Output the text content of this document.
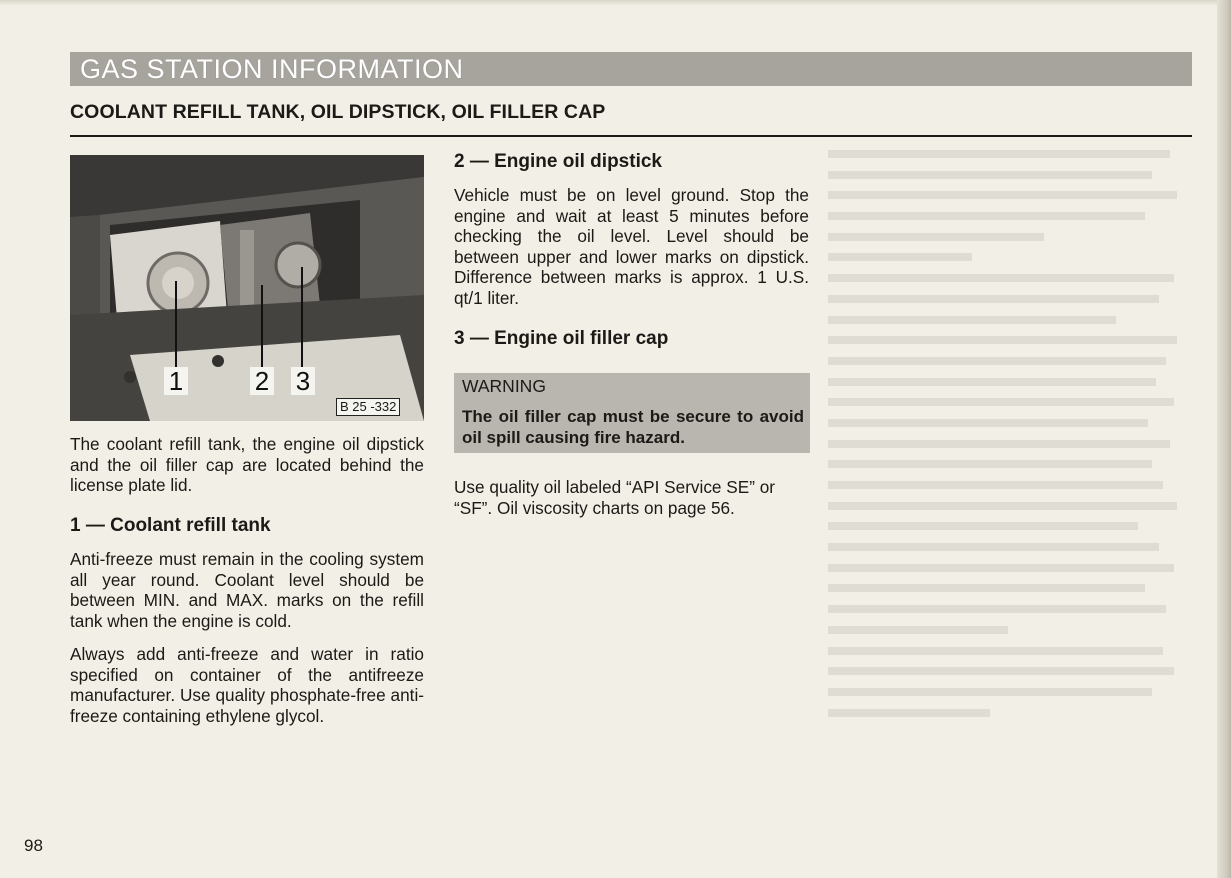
GAS STATION INFORMATION
COOLANT REFILL TANK, OIL DIPSTICK, OIL FILLER CAP
1	2 3
B 25 -332

The coolant refill tank, the engine oil dipstick and the oil filler cap are located behind the license plate lid.

1 — Coolant refill tank

Anti-freeze must remain in the cooling system all year round. Coolant level should be between MIN. and MAX. marks on the refill tank when the engine is cold.

Always add anti-freeze and water in ratio specified on container of the antifreeze manufacturer. Use quality phosphate-free anti-freeze containing ethylene glycol.

2 — Engine oil dipstick

Vehicle must be on level ground. Stop the engine and wait at least 5 minutes before checking the oil level. Level should be between upper and lower marks on dipstick. Difference between marks is approx. 1 U.S. qt/1 liter.

3 — Engine oil filler cap
WARNING

The oil filler cap must be secure to avoid oil spill causing fire hazard.

Use quality oil labeled “API Service SE” or “SF”. Oil viscosity charts on page 56.

98
